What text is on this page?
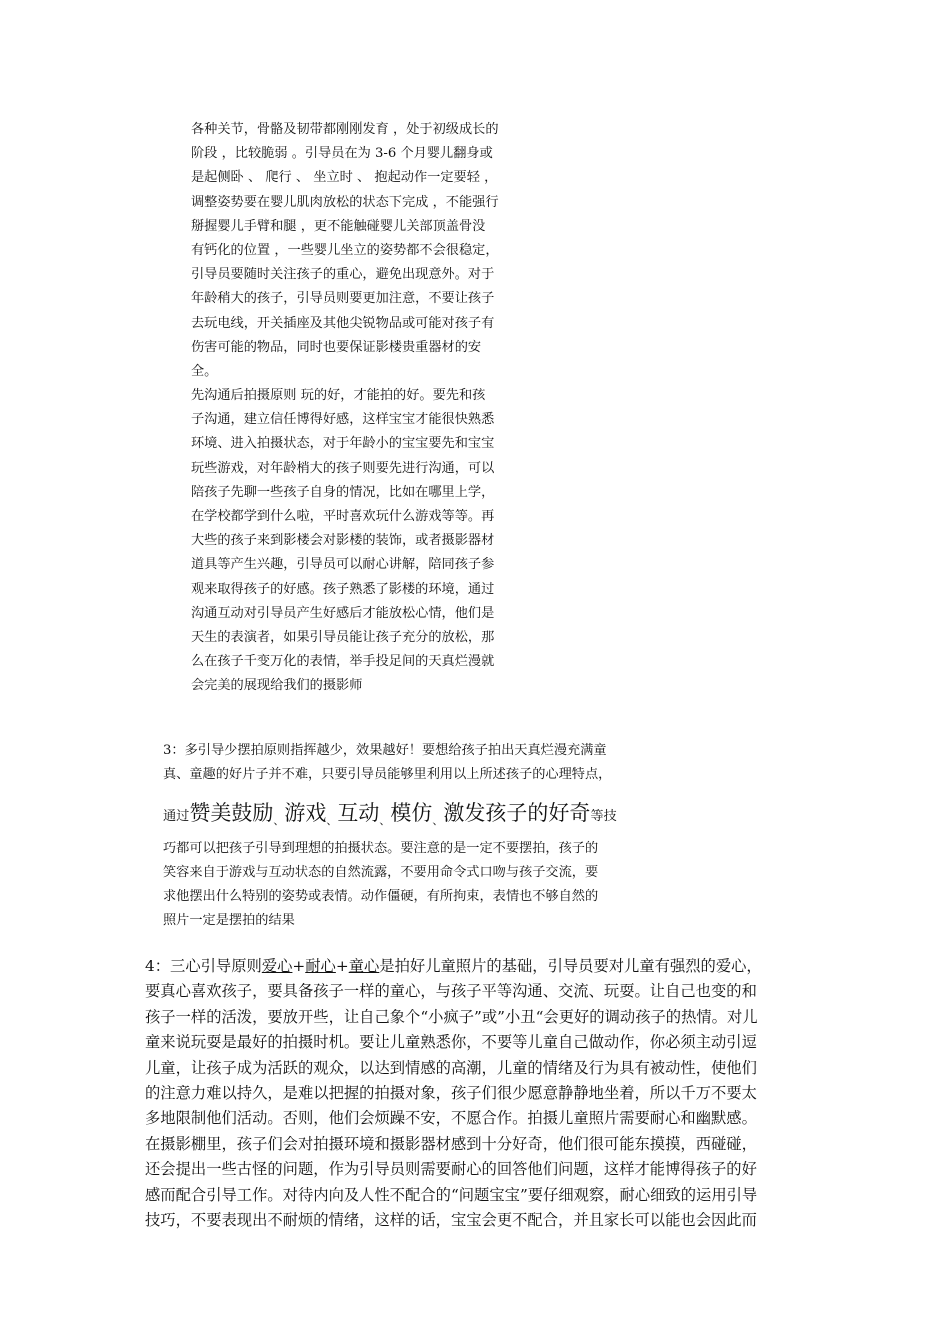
各种关节，骨骼及韧带都刚刚发育 ，处于初级成长的
阶段 ，比较脆弱 。引导员在为 3-6 个月婴儿翻身或
是起侧卧 、 爬行 、 坐立时 、 抱起动作一定要轻 ，
调整姿势要在婴儿肌肉放松的状态下完成 ，不能强行
掰握婴儿手臂和腿 ，更不能触碰婴儿关部顶盖骨没
有钙化的位置 ，一些婴儿坐立的姿势都不会很稳定，
引导员要随时关注孩子的重心，避免出现意外。对于
年龄稍大的孩子，引导员则要更加注意，不要让孩子
去玩电线，开关插座及其他尖锐物品或可能对孩子有
伤害可能的物品，同时也要保证影楼贵重器材的安
全。
先沟通后拍摄原则 玩的好，才能拍的好。要先和孩
子沟通，建立信任博得好感，这样宝宝才能很快熟悉
环境、进入拍摄状态，对于年龄小的宝宝要先和宝宝
玩些游戏，对年龄梢大的孩子则要先进行沟通，可以
陪孩子先聊一些孩子自身的情况，比如在哪里上学，
在学校都学到什么啦，平时喜欢玩什么游戏等等。再
大些的孩子来到影楼会对影楼的装饰，或者摄影器材
道具等产生兴趣，引导员可以耐心讲解，陪同孩子参
观来取得孩子的好感。孩子熟悉了影楼的环境，通过
沟通互动对引导员产生好感后才能放松心情，他们是
天生的表演者，如果引导员能让孩子充分的放松，那
么在孩子千变万化的表情，举手投足间的天真烂漫就
会完美的展现给我们的摄影师
3：多引导少摆拍原则指挥越少，效果越好！要想给孩子拍出天真烂漫充满童
真、童趣的好片子并不难，只要引导员能够里利用以上所述孩子的心理特点，
通过赞美鼓励$_、$游戏$_、$互动$_、$模仿$_、$激发孩子的好奇等技
巧都可以把孩子引导到理想的拍摄状态。要注意的是一定不要摆拍，孩子的
笑容来自于游戏与互动状态的自然流露，不要用命令式口吻与孩子交流，要
求他摆出什么特别的姿势或表情。动作僵硬，有所拘束，表情也不够自然的
照片一定是摆拍的结果
4：三心引导原则爱心+耐心+童心是拍好儿童照片的基础，引导员要对儿童有强烈的爱心，
要真心喜欢孩子，要具备孩子一样的童心，与孩子平等沟通、交流、玩耍。让自己也变的和
孩子一样的活泼，要放开些，让自己象个“小疯子”或”小丑“会更好的调动孩子的热情。对儿
童来说玩耍是最好的拍摄时机。要让儿童熟悉你，不要等儿童自己做动作，你必须主动引逗
儿童，让孩子成为活跃的观众，以达到情感的高潮，儿童的情绪及行为具有被动性，使他们
的注意力难以持久，是难以把握的拍摄对象，孩子们很少愿意静静地坐着，所以千万不要太
多地限制他们活动。否则，他们会烦躁不安，不愿合作。拍摄儿童照片需要耐心和幽默感。
在摄影棚里，孩子们会对拍摄环境和摄影器材感到十分好奇，他们很可能东摸摸，西碰碰，
还会提出一些古怪的问题，作为引导员则需要耐心的回答他们问题，这样才能博得孩子的好
感而配合引导工作。对待内向及人性不配合的“问题宝宝”要仔细观察，耐心细致的运用引导
技巧，不要表现出不耐烦的情绪，这样的话，宝宝会更不配合，并且家长可以能也会因此而
